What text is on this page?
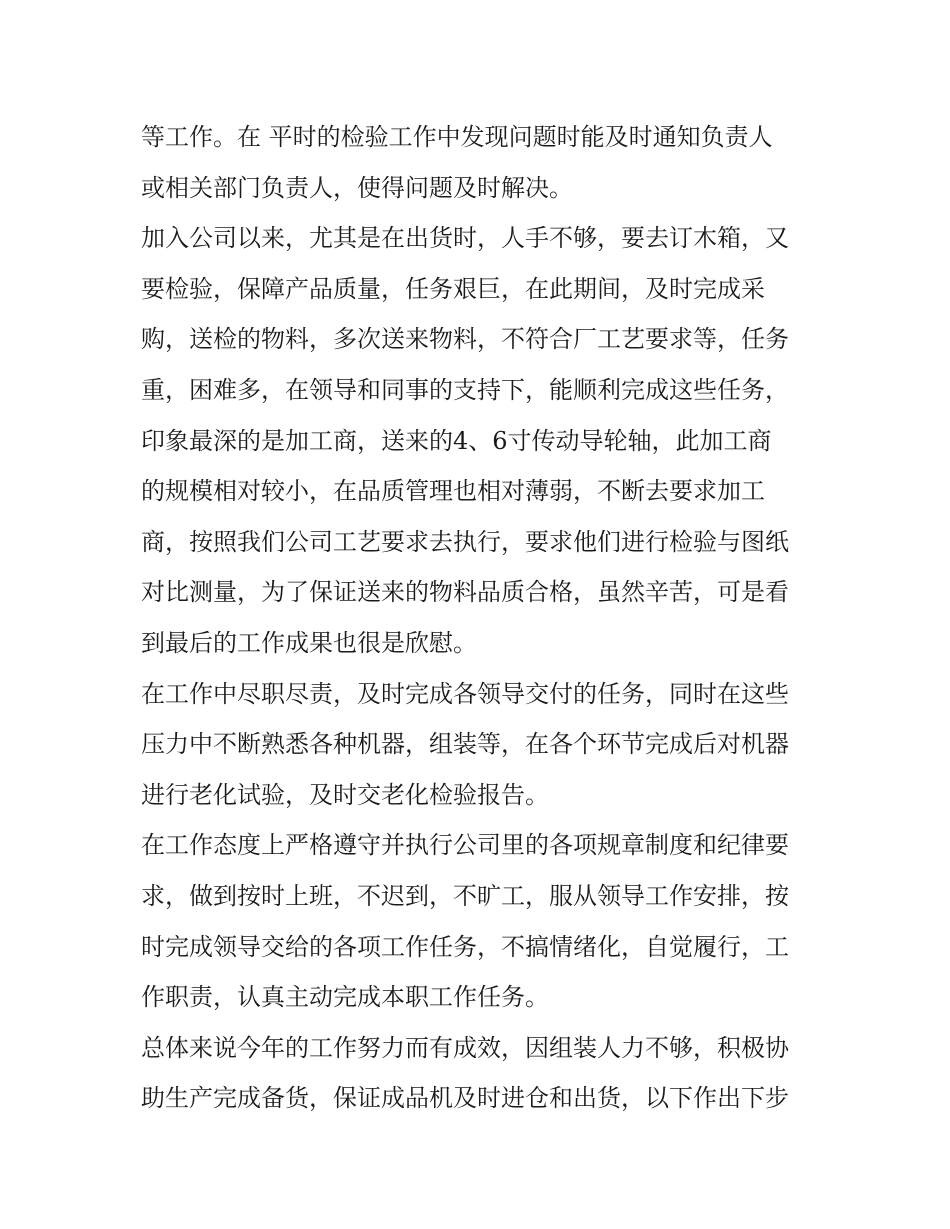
等工作。在 平时的检验工作中发现问题时能及时通知负责人
或相关部门负责人，使得问题及时解决。
加入公司以来，尤其是在出货时，人手不够，要去订木箱，又
要检验，保障产品质量，任务艰巨，在此期间，及时完成采
购，送检的物料，多次送来物料，不符合厂工艺要求等，任务
重，困难多，在领导和同事的支持下，能顺利完成这些任务，
印象最深的是加工商，送来的4、6寸传动导轮轴，此加工商
的规模相对较小，在品质管理也相对薄弱，不断去要求加工
商，按照我们公司工艺要求去执行，要求他们进行检验与图纸
对比测量，为了保证送来的物料品质合格，虽然辛苦，可是看
到最后的工作成果也很是欣慰。
在工作中尽职尽责，及时完成各领导交付的任务，同时在这些
压力中不断熟悉各种机器，组装等，在各个环节完成后对机器
进行老化试验，及时交老化检验报告。
在工作态度上严格遵守并执行公司里的各项规章制度和纪律要
求，做到按时上班，不迟到，不旷工，服从领导工作安排，按
时完成领导交给的各项工作任务，不搞情绪化，自觉履行，工
作职责，认真主动完成本职工作任务。
总体来说今年的工作努力而有成效，因组装人力不够，积极协
助生产完成备货，保证成品机及时进仓和出货，以下作出下步
